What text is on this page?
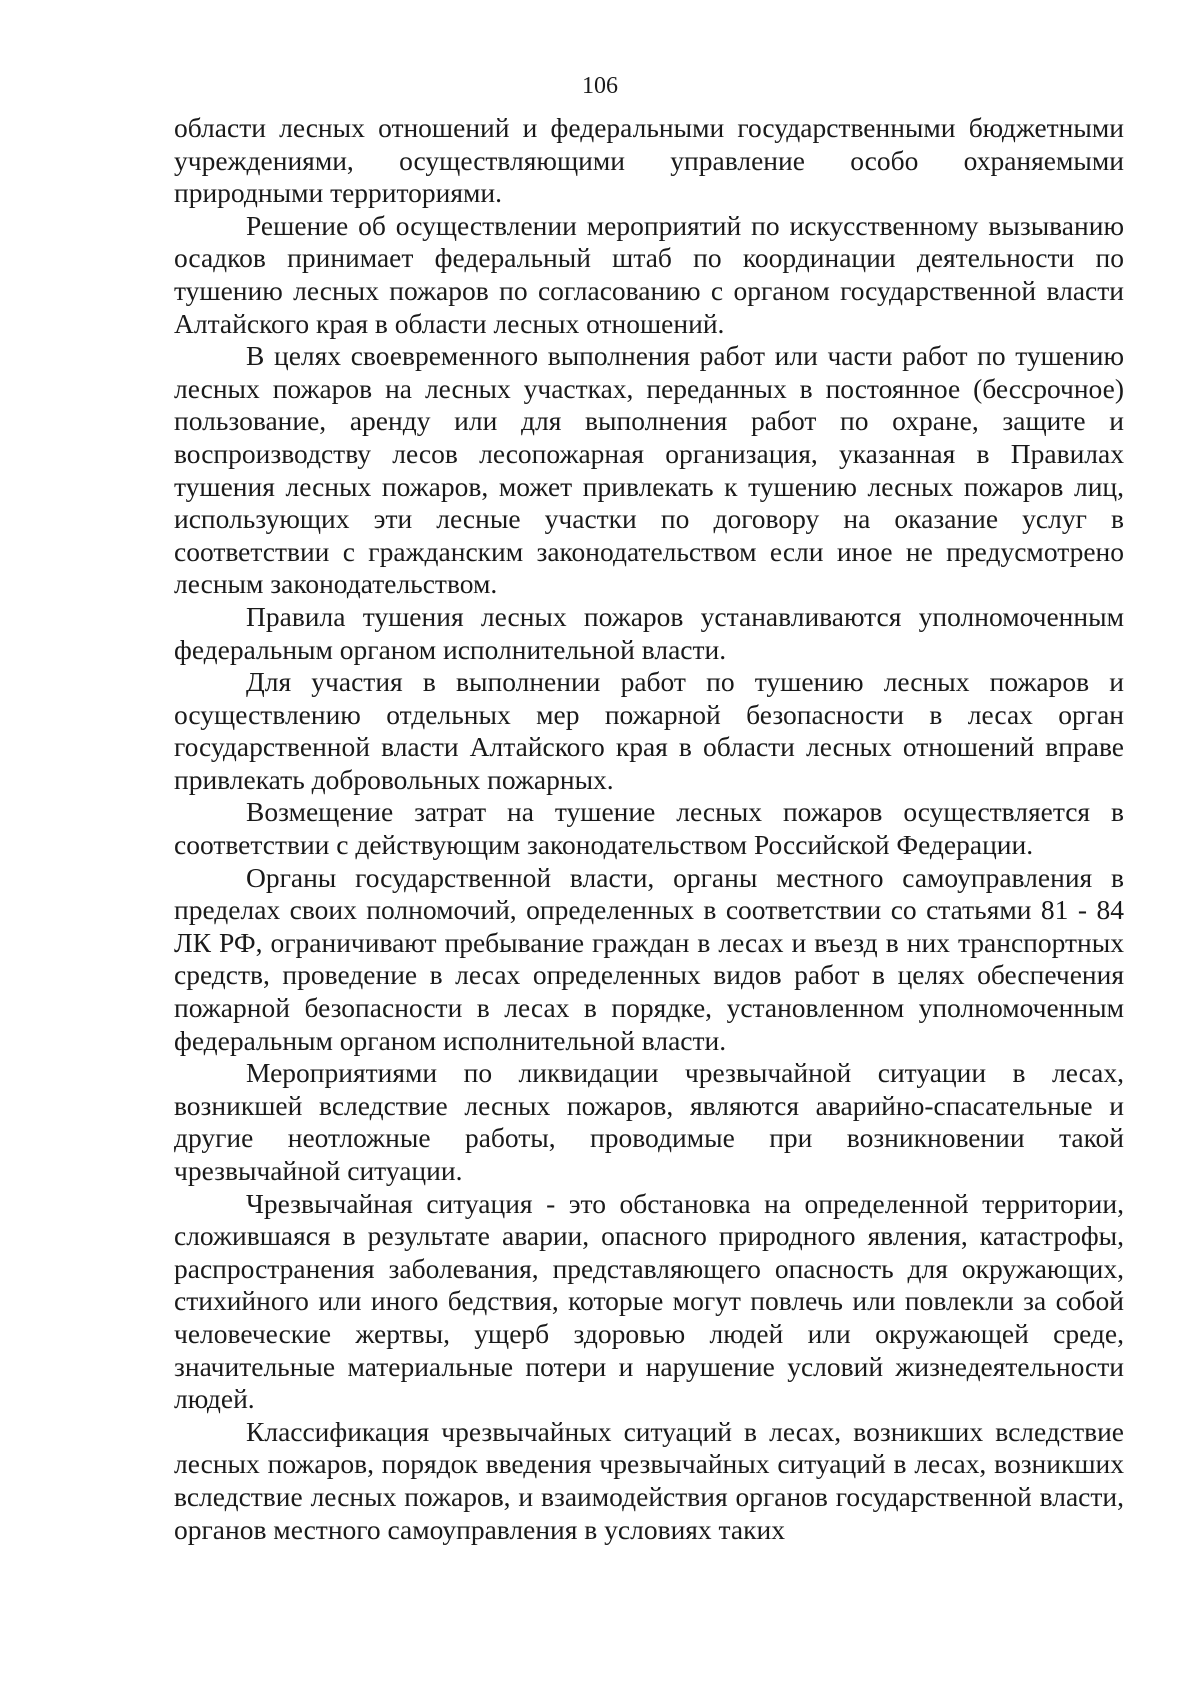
106

области лесных отношений и федеральными государственными бюджетными учреждениями, осуществляющими управление особо охраняемыми природными территориями.

Решение об осуществлении мероприятий по искусственному вызыванию осадков принимает федеральный штаб по координации деятельности по тушению лесных пожаров по согласованию с органом государственной власти Алтайского края в области лесных отношений.

В целях своевременного выполнения работ или части работ по тушению лесных пожаров на лесных участках, переданных в постоянное (бессрочное) пользование, аренду или для выполнения работ по охране, защите и воспроизводству лесов лесопожарная организация, указанная в Правилах тушения лесных пожаров, может привлекать к тушению лесных пожаров лиц, использующих эти лесные участки по договору на оказание услуг в соответствии с гражданским законодательством если иное не предусмотрено лесным законодательством.

Правила тушения лесных пожаров устанавливаются уполномоченным федеральным органом исполнительной власти.

Для участия в выполнении работ по тушению лесных пожаров и осуществлению отдельных мер пожарной безопасности в лесах орган государственной власти Алтайского края в области лесных отношений вправе привлекать добровольных пожарных.

Возмещение затрат на тушение лесных пожаров осуществляется в соответствии с действующим законодательством Российской Федерации.

Органы государственной власти, органы местного самоуправления в пределах своих полномочий, определенных в соответствии со статьями 81 - 84 ЛК РФ, ограничивают пребывание граждан в лесах и въезд в них транспортных средств, проведение в лесах определенных видов работ в целях обеспечения пожарной безопасности в лесах в порядке, установленном уполномоченным федеральным органом исполнительной власти.

Мероприятиями по ликвидации чрезвычайной ситуации в лесах, возникшей вследствие лесных пожаров, являются аварийно-спасательные и другие неотложные работы, проводимые при возникновении такой чрезвычайной ситуации.

Чрезвычайная ситуация - это обстановка на определенной территории, сложившаяся в результате аварии, опасного природного явления, катастрофы, распространения заболевания, представляющего опасность для окружающих, стихийного или иного бедствия, которые могут повлечь или повлекли за собой человеческие жертвы, ущерб здоровью людей или окружающей среде, значительные материальные потери и нарушение условий жизнедеятельности людей.

Классификация чрезвычайных ситуаций в лесах, возникших вследствие лесных пожаров, порядок введения чрезвычайных ситуаций в лесах, возникших вследствие лесных пожаров, и взаимодействия органов государственной власти, органов местного самоуправления в условиях таких
